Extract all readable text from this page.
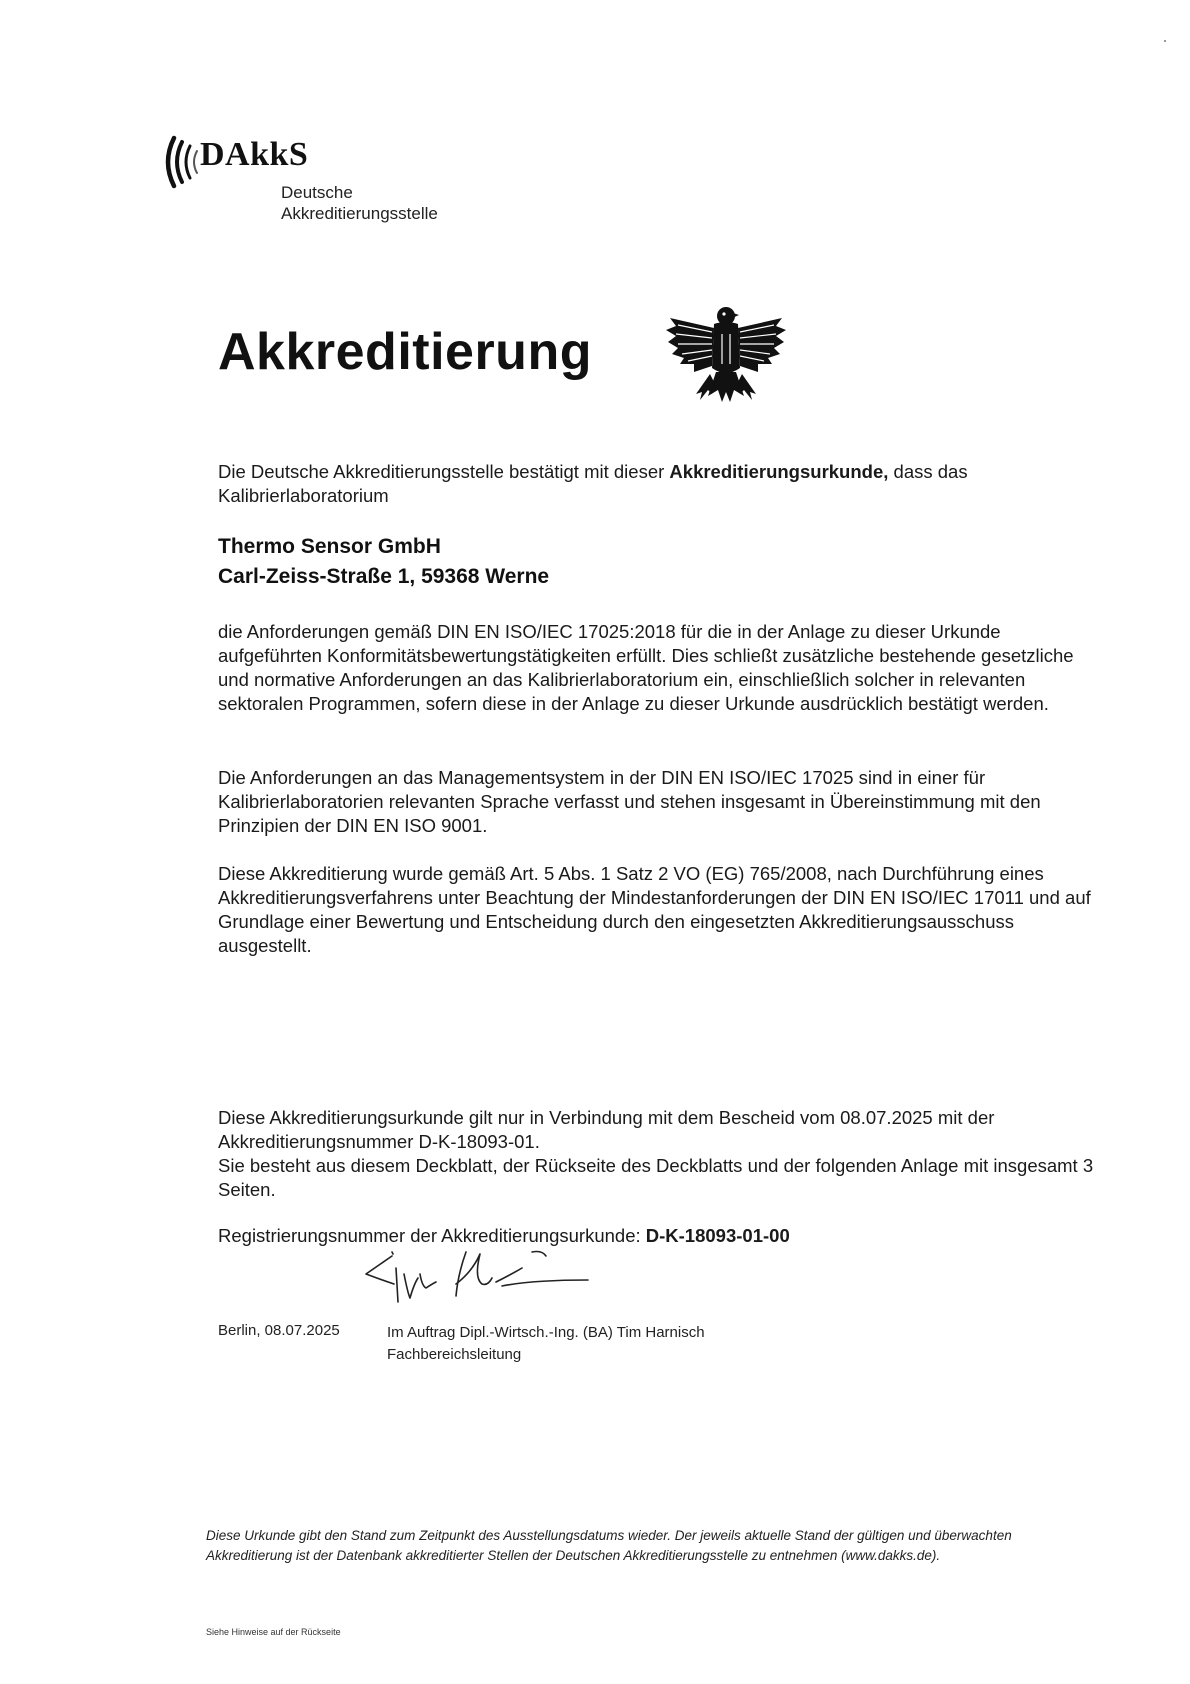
DAkkS
Deutsche
Akkreditierungsstelle
Akkreditierung
Die Deutsche Akkreditierungsstelle bestätigt mit dieser Akkreditierungsurkunde, dass das Kalibrierlaboratorium
Thermo Sensor GmbH
Carl-Zeiss-Straße 1, 59368 Werne
die Anforderungen gemäß DIN EN ISO/IEC 17025:2018 für die in der Anlage zu dieser Urkunde aufgeführten Konformitätsbewertungstätigkeiten erfüllt. Dies schließt zusätzliche bestehende gesetzliche und normative Anforderungen an das Kalibrierlaboratorium ein, einschließlich solcher in relevanten sektoralen Programmen, sofern diese in der Anlage zu dieser Urkunde ausdrücklich bestätigt werden.
Die Anforderungen an das Managementsystem in der DIN EN ISO/IEC 17025 sind in einer für Kalibrierlaboratorien relevanten Sprache verfasst und stehen insgesamt in Übereinstimmung mit den Prinzipien der DIN EN ISO 9001.
Diese Akkreditierung wurde gemäß Art. 5 Abs. 1 Satz 2 VO (EG) 765/2008, nach Durchführung eines Akkreditierungsverfahrens unter Beachtung der Mindestanforderungen der DIN EN ISO/IEC 17011 und auf Grundlage einer Bewertung und Entscheidung durch den eingesetzten Akkreditierungsausschuss ausgestellt.
Diese Akkreditierungsurkunde gilt nur in Verbindung mit dem Bescheid vom 08.07.2025 mit der Akkreditierungsnummer D-K-18093-01.
Sie besteht aus diesem Deckblatt, der Rückseite des Deckblatts und der folgenden Anlage mit insgesamt 3 Seiten.
Registrierungsnummer der Akkreditierungsurkunde: D-K-18093-01-00
Berlin, 08.07.2025	Im Auftrag Dipl.-Wirtsch.-Ing. (BA) Tim Harnisch
Fachbereichsleitung
Diese Urkunde gibt den Stand zum Zeitpunkt des Ausstellungsdatums wieder. Der jeweils aktuelle Stand der gültigen und überwachten Akkreditierung ist der Datenbank akkreditierter Stellen der Deutschen Akkreditierungsstelle zu entnehmen (www.dakks.de).
Siehe Hinweise auf der Rückseite
